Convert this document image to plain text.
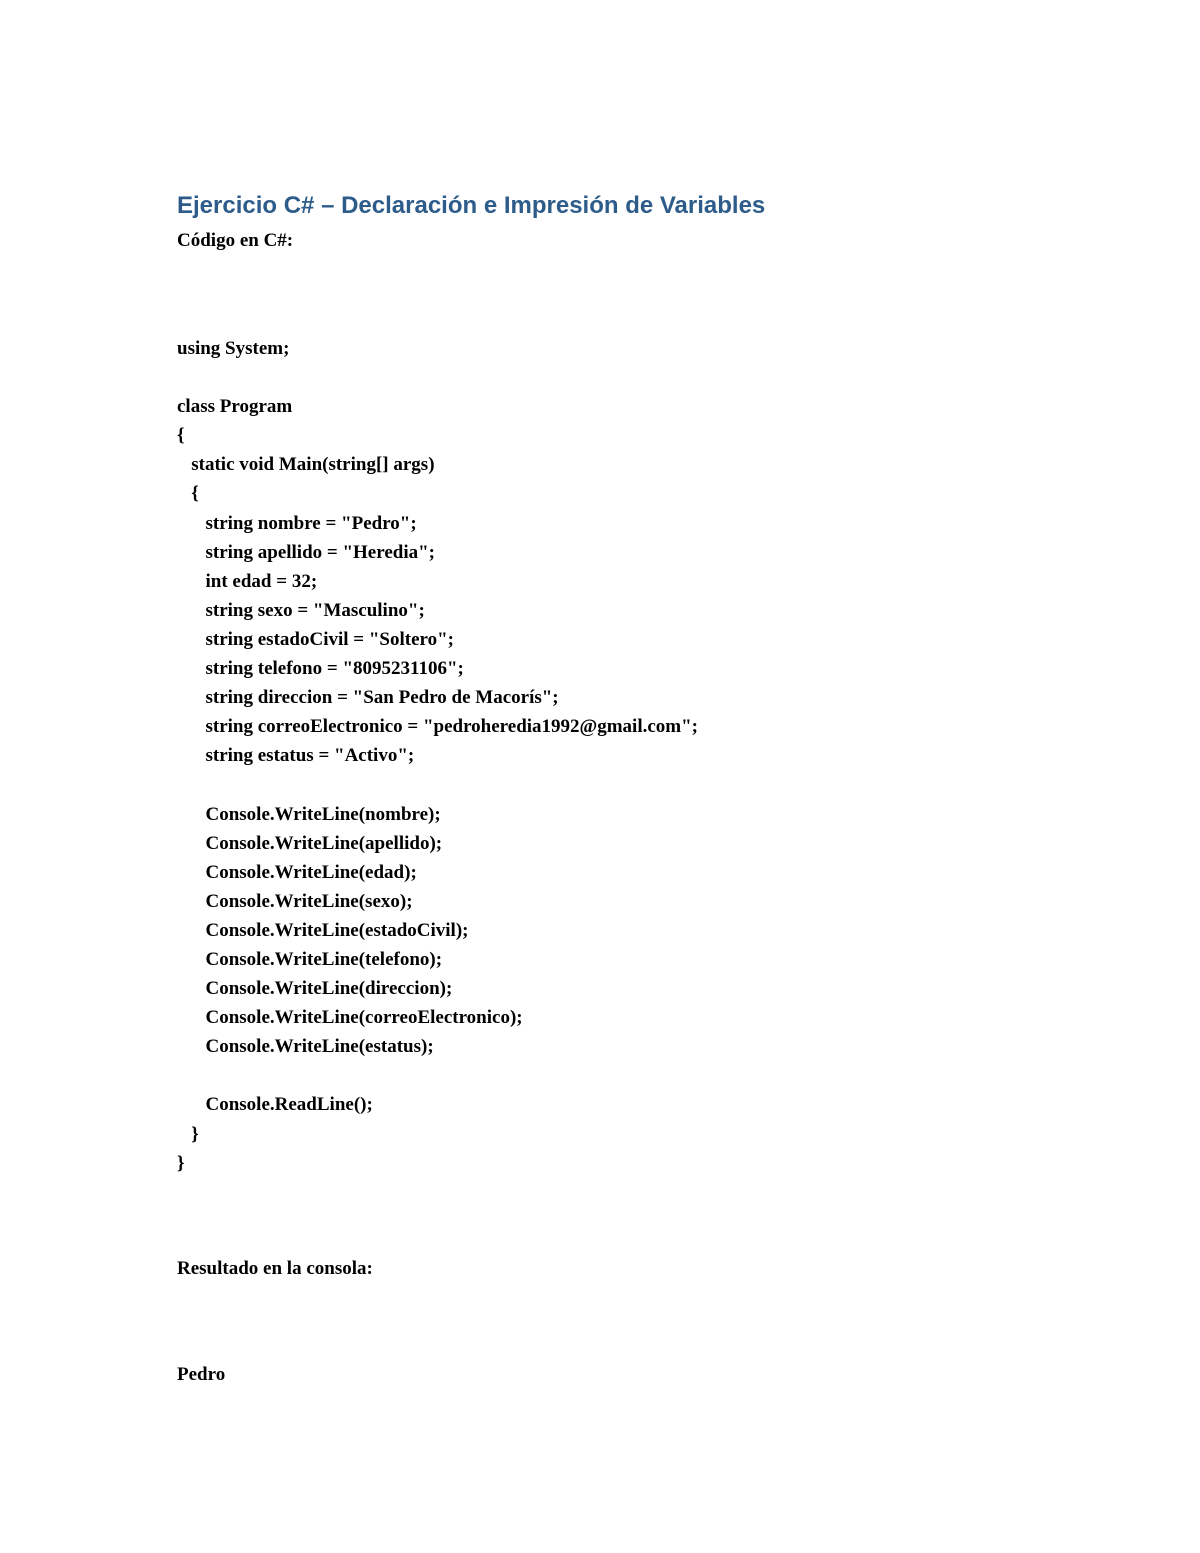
Ejercicio C# – Declaración e Impresión de Variables
Código en C#:
using System;
class Program
{
static void Main(string[] args)
{
string nombre = "Pedro";
string apellido = "Heredia";
int edad = 32;
string sexo = "Masculino";
string estadoCivil = "Soltero";
string telefono = "8095231106";
string direccion = "San Pedro de Macorís";
string correoElectronico = "pedroheredia1992@gmail.com";
string estatus = "Activo";
Console.WriteLine(nombre);
Console.WriteLine(apellido);
Console.WriteLine(edad);
Console.WriteLine(sexo);
Console.WriteLine(estadoCivil);
Console.WriteLine(telefono);
Console.WriteLine(direccion);
Console.WriteLine(correoElectronico);
Console.WriteLine(estatus);
Console.ReadLine();
}
}
Resultado en la consola:
Pedro
